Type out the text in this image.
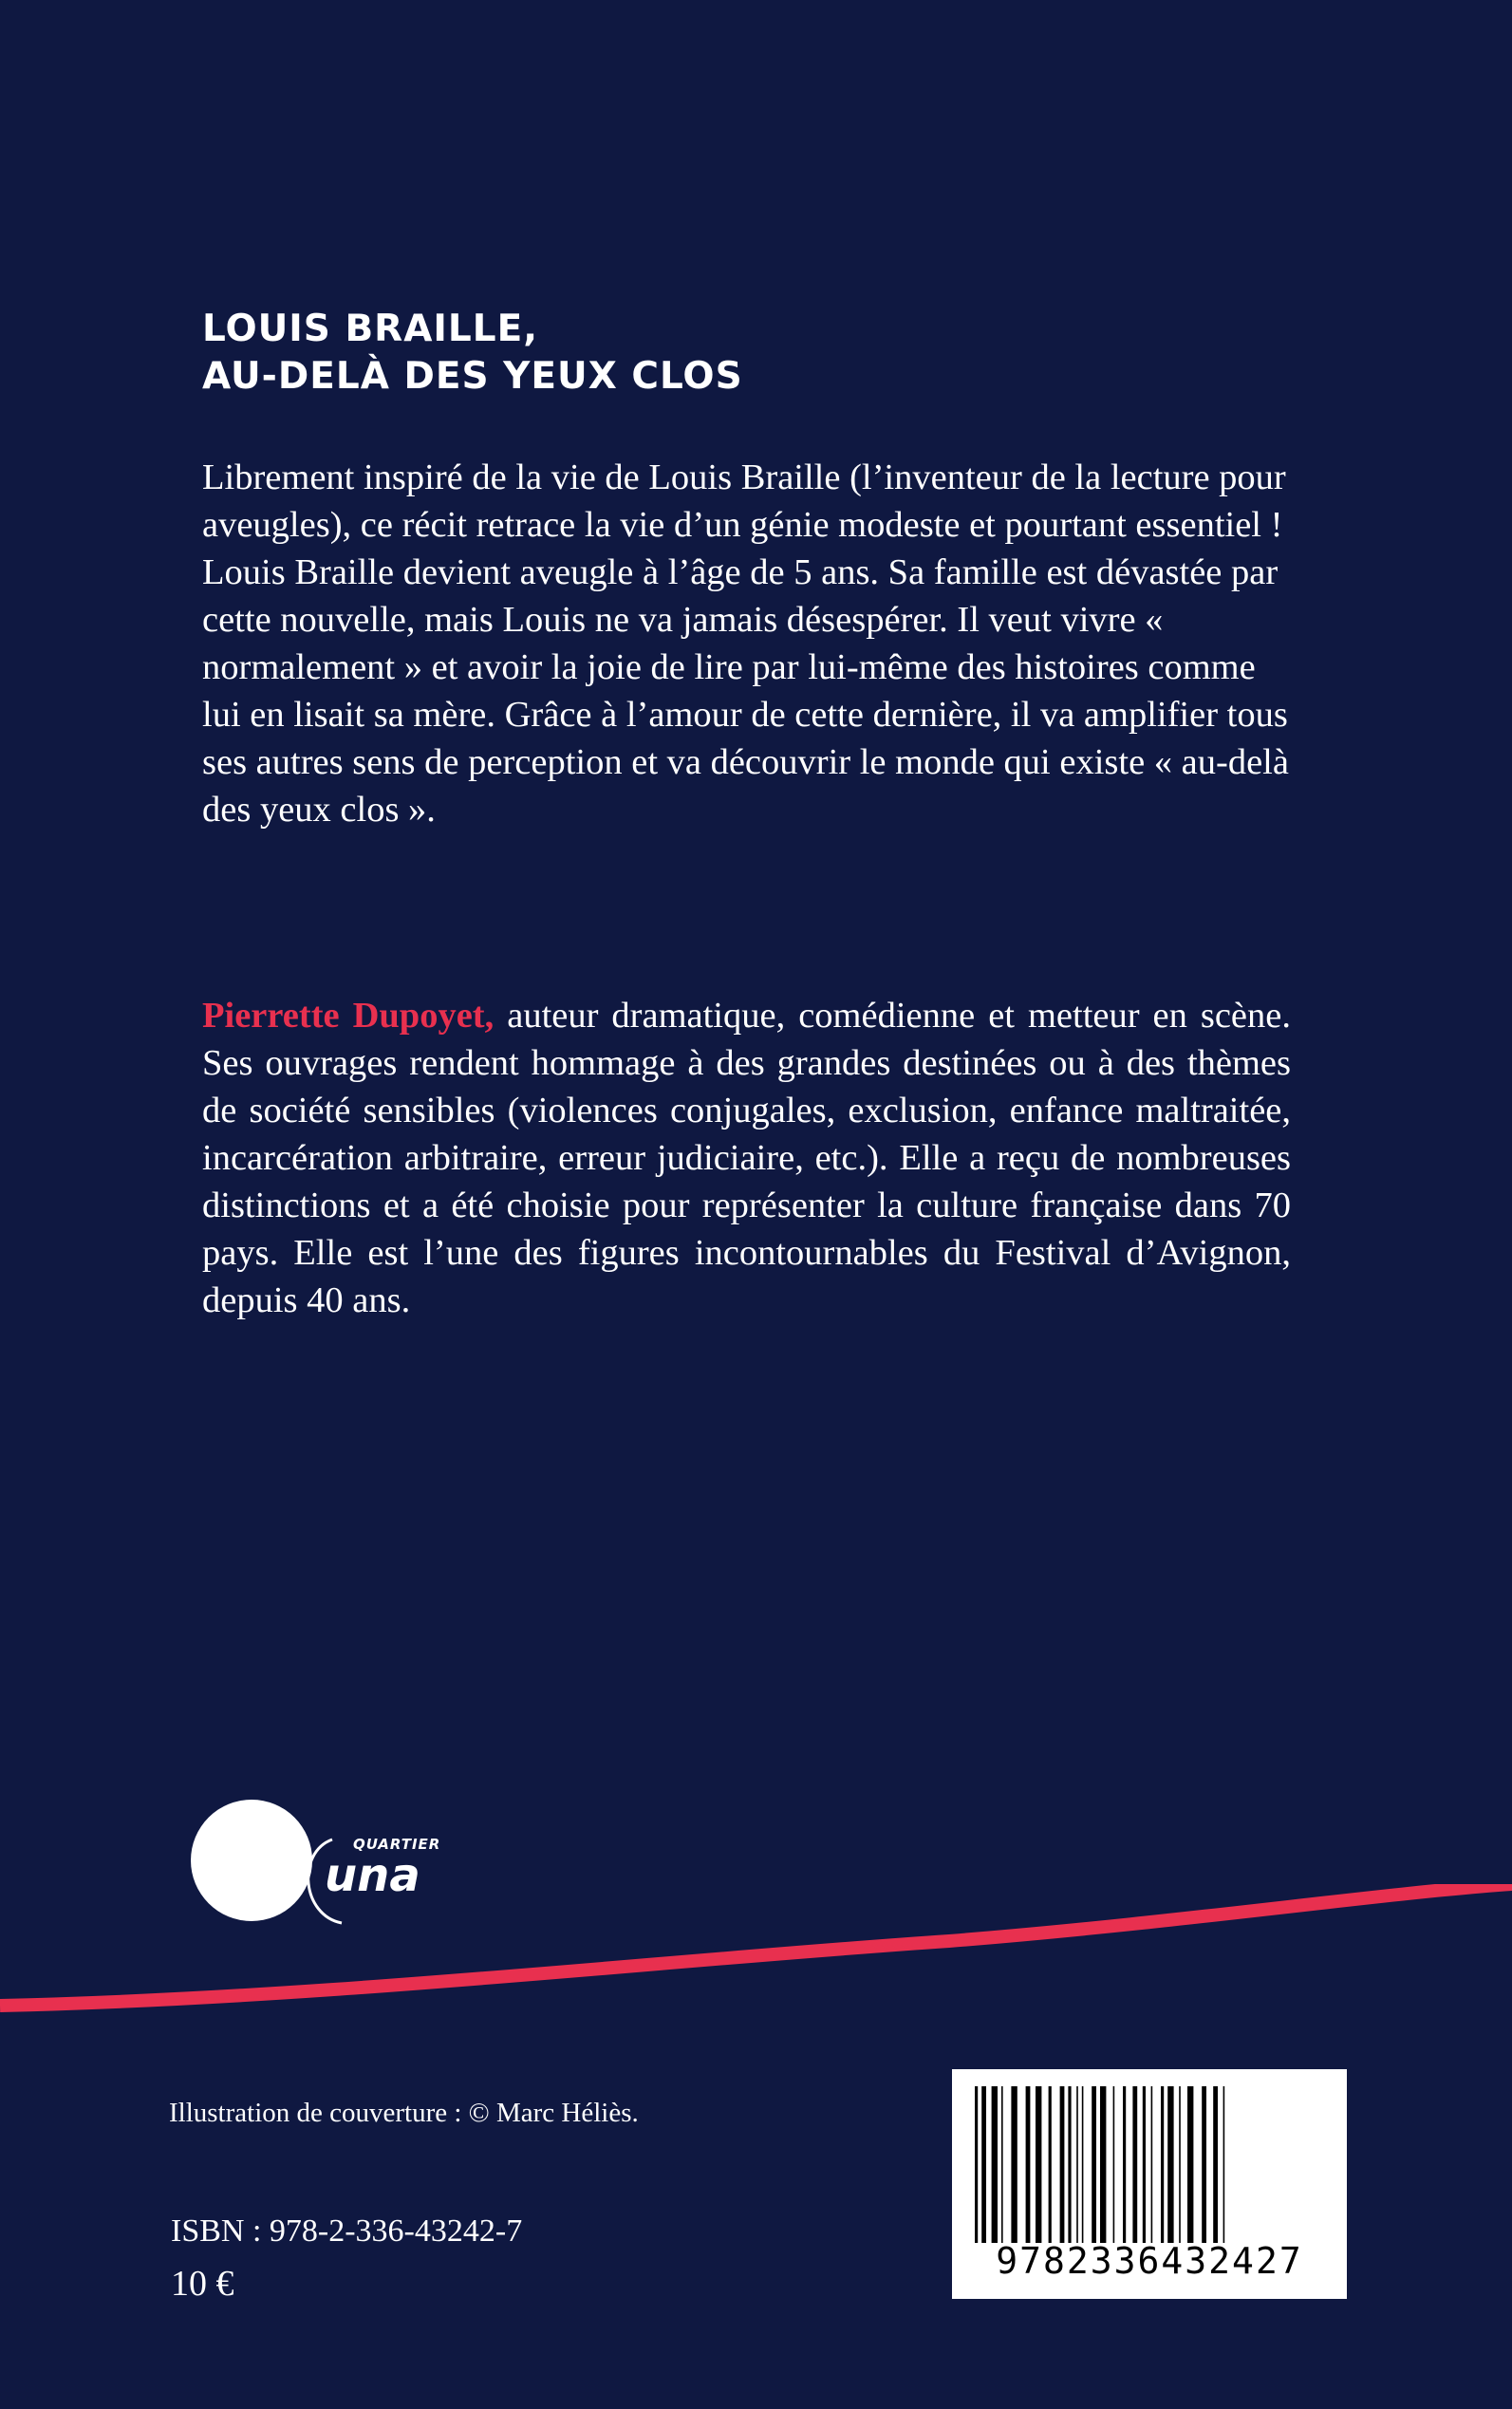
LOUIS BRAILLE,
AU-DELÀ DES YEUX CLOS

Librement inspiré de la vie de Louis Braille (l’inventeur de la lecture pour aveugles), ce récit retrace la vie d’un génie modeste et pourtant essentiel !

Louis Braille devient aveugle à l’âge de 5 ans. Sa famille est dévastée par cette nouvelle, mais Louis ne va jamais désespérer. Il veut vivre « normalement » et avoir la joie de lire par lui-même des histoires comme lui en lisait sa mère. Grâce à l’amour de cette dernière, il va amplifier tous ses autres sens de perception et va découvrir le monde qui existe « au-delà des yeux clos ».

Pierrette Dupoyet, auteur dramatique, comédienne et metteur en scène. Ses ouvrages rendent hommage à des grandes destinées ou à des thèmes de société sensibles (violences conjugales, exclusion, enfance maltraitée, incarcération arbitraire, erreur judiciaire, etc.). Elle a reçu de nombreuses distinctions et a été choisie pour représenter la culture française dans 70 pays. Elle est l’une des figures incontournables du Festival d’Avignon, depuis 40 ans.

QUARTIER
una
Illustration de couverture : © Marc Héliès.
ISBN : 978-2-336-43242-7
10 €
9782336432427
